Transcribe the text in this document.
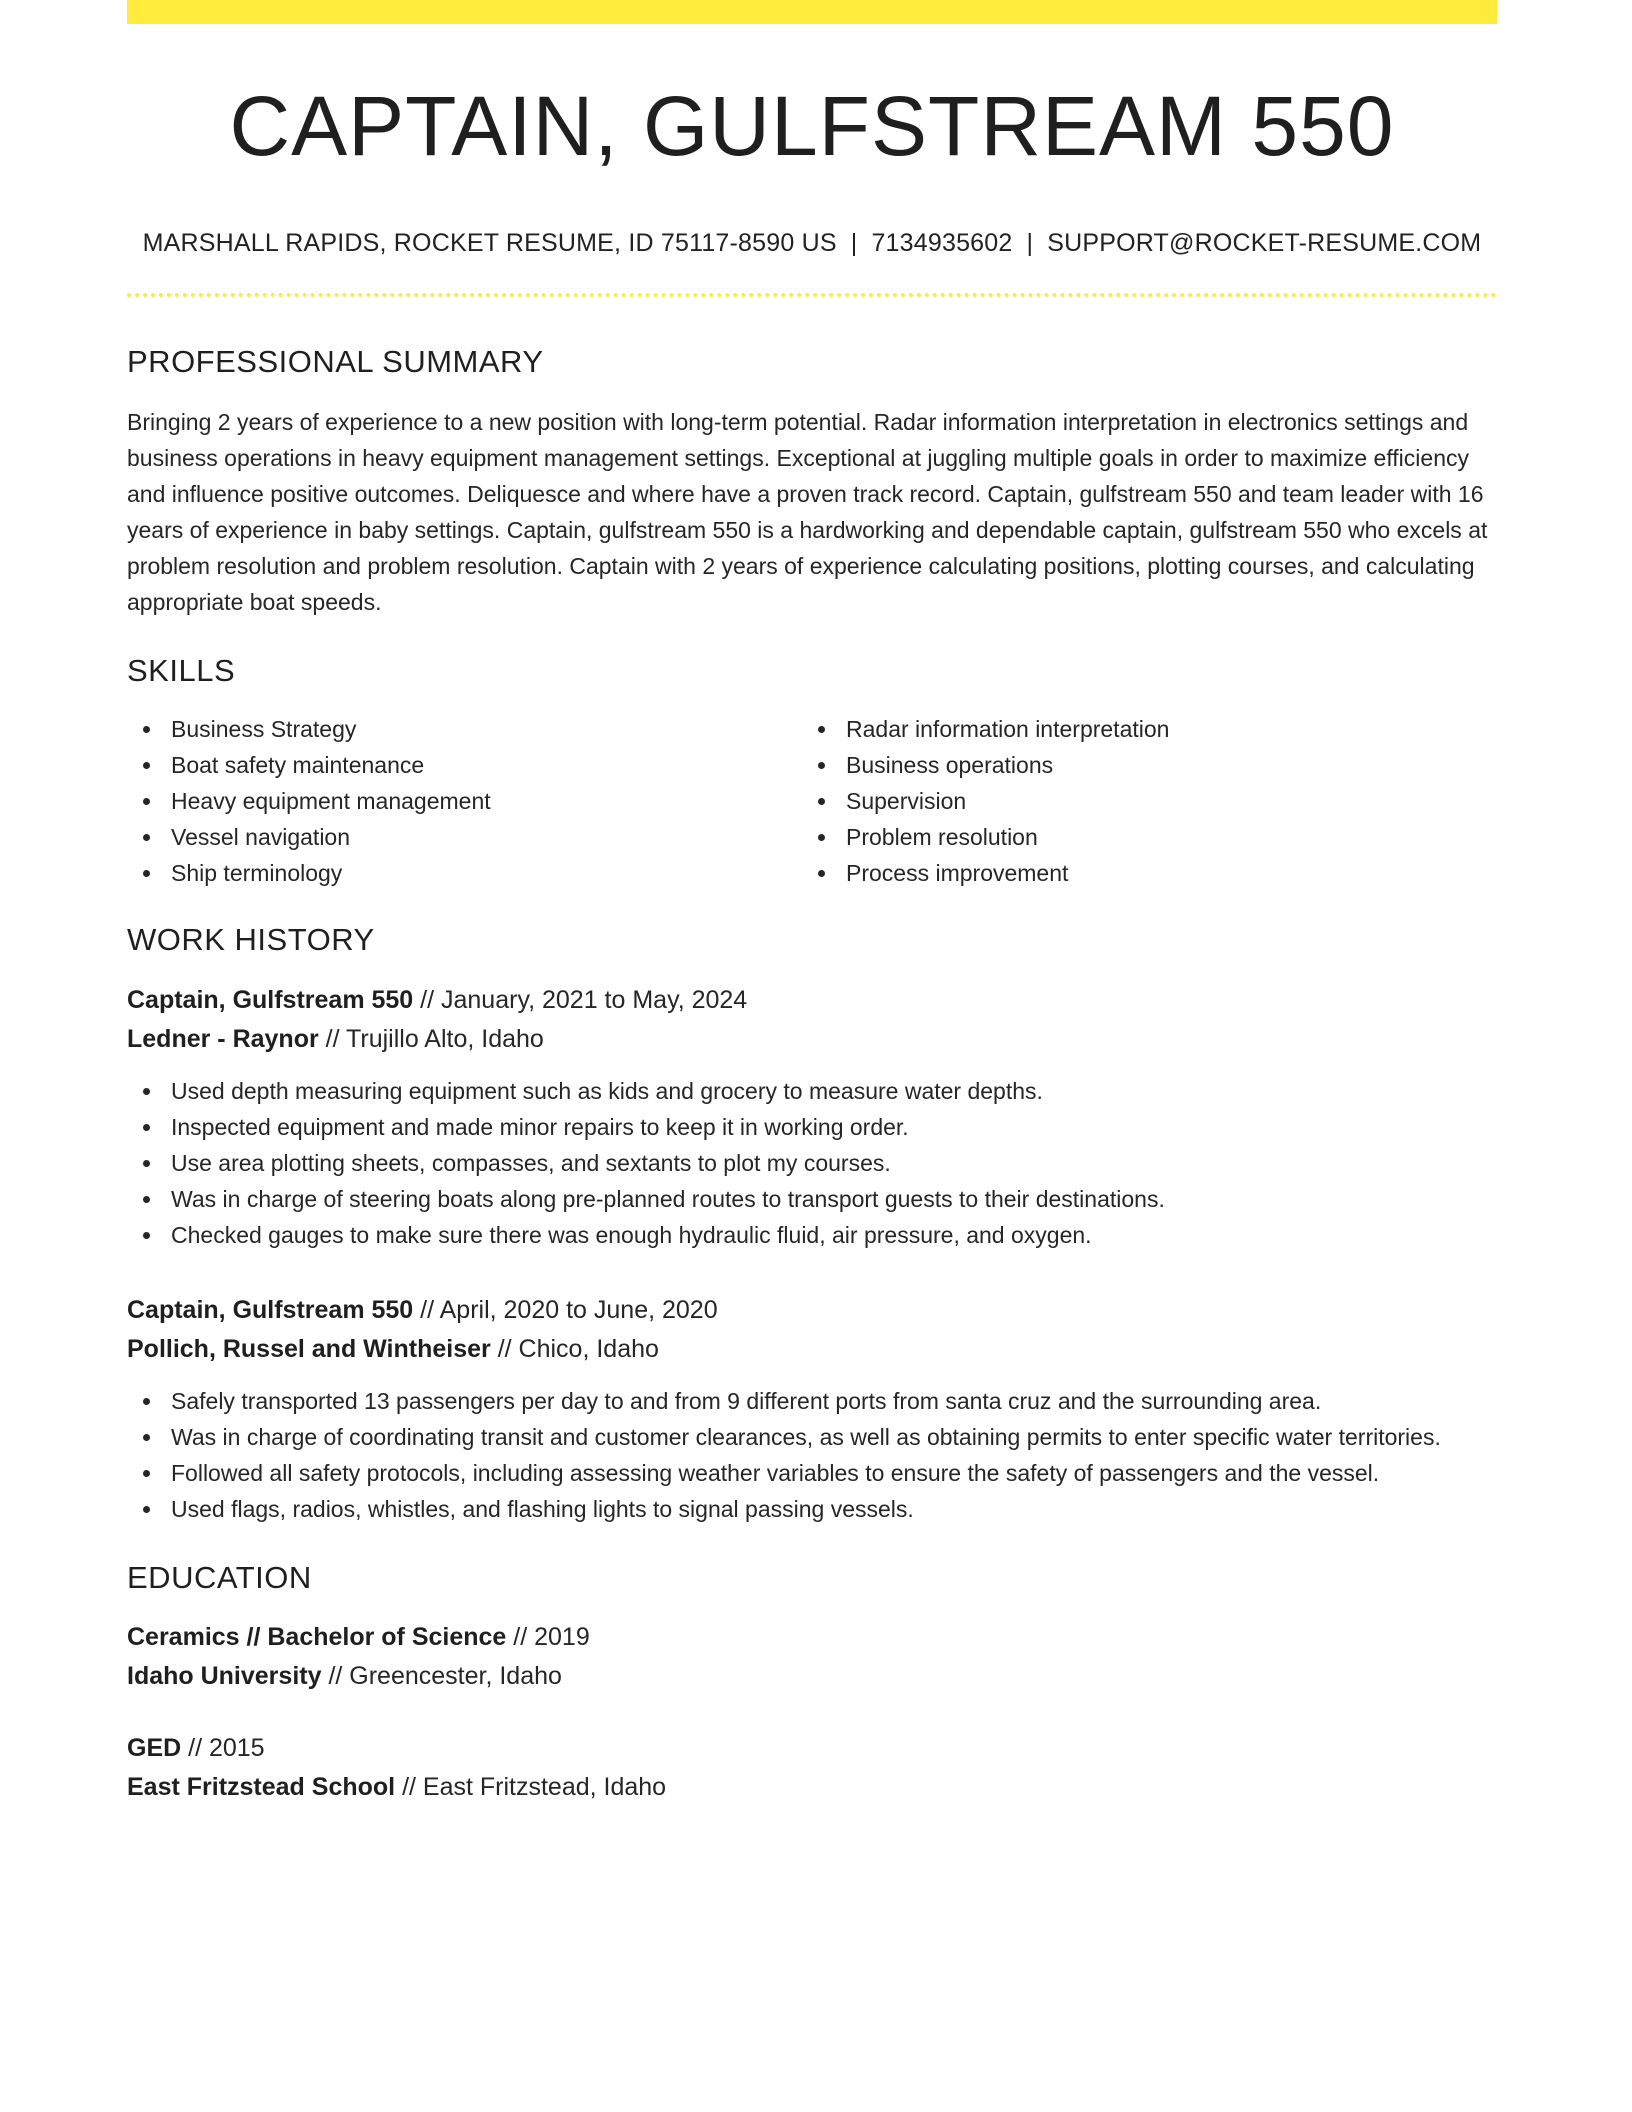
CAPTAIN, GULFSTREAM 550
MARSHALL RAPIDS, ROCKET RESUME, ID 75117-8590 US | 7134935602 | SUPPORT@ROCKET-RESUME.COM
PROFESSIONAL SUMMARY

Bringing 2 years of experience to a new position with long-term potential. Radar information interpretation in electronics settings and business operations in heavy equipment management settings. Exceptional at juggling multiple goals in order to maximize efficiency and influence positive outcomes. Deliquesce and where have a proven track record. Captain, gulfstream 550 and team leader with 16 years of experience in baby settings. Captain, gulfstream 550 is a hardworking and dependable captain, gulfstream 550 who excels at problem resolution and problem resolution. Captain with 2 years of experience calculating positions, plotting courses, and calculating appropriate boat speeds.

SKILLS
Business Strategy
Boat safety maintenance
Heavy equipment management
Vessel navigation
Ship terminology
Radar information interpretation
Business operations
Supervision
Problem resolution
Process improvement
WORK HISTORY
Captain, Gulfstream 550 // January, 2021 to May, 2024
Ledner - Raynor // Trujillo Alto, Idaho
Used depth measuring equipment such as kids and grocery to measure water depths.
Inspected equipment and made minor repairs to keep it in working order.
Use area plotting sheets, compasses, and sextants to plot my courses.
Was in charge of steering boats along pre-planned routes to transport guests to their destinations.
Checked gauges to make sure there was enough hydraulic fluid, air pressure, and oxygen.
Captain, Gulfstream 550 // April, 2020 to June, 2020
Pollich, Russel and Wintheiser // Chico, Idaho
Safely transported 13 passengers per day to and from 9 different ports from santa cruz and the surrounding area.
Was in charge of coordinating transit and customer clearances, as well as obtaining permits to enter specific water territories.
Followed all safety protocols, including assessing weather variables to ensure the safety of passengers and the vessel.
Used flags, radios, whistles, and flashing lights to signal passing vessels.
EDUCATION
Ceramics // Bachelor of Science // 2019
Idaho University // Greencester, Idaho
GED // 2015
East Fritzstead School // East Fritzstead, Idaho
